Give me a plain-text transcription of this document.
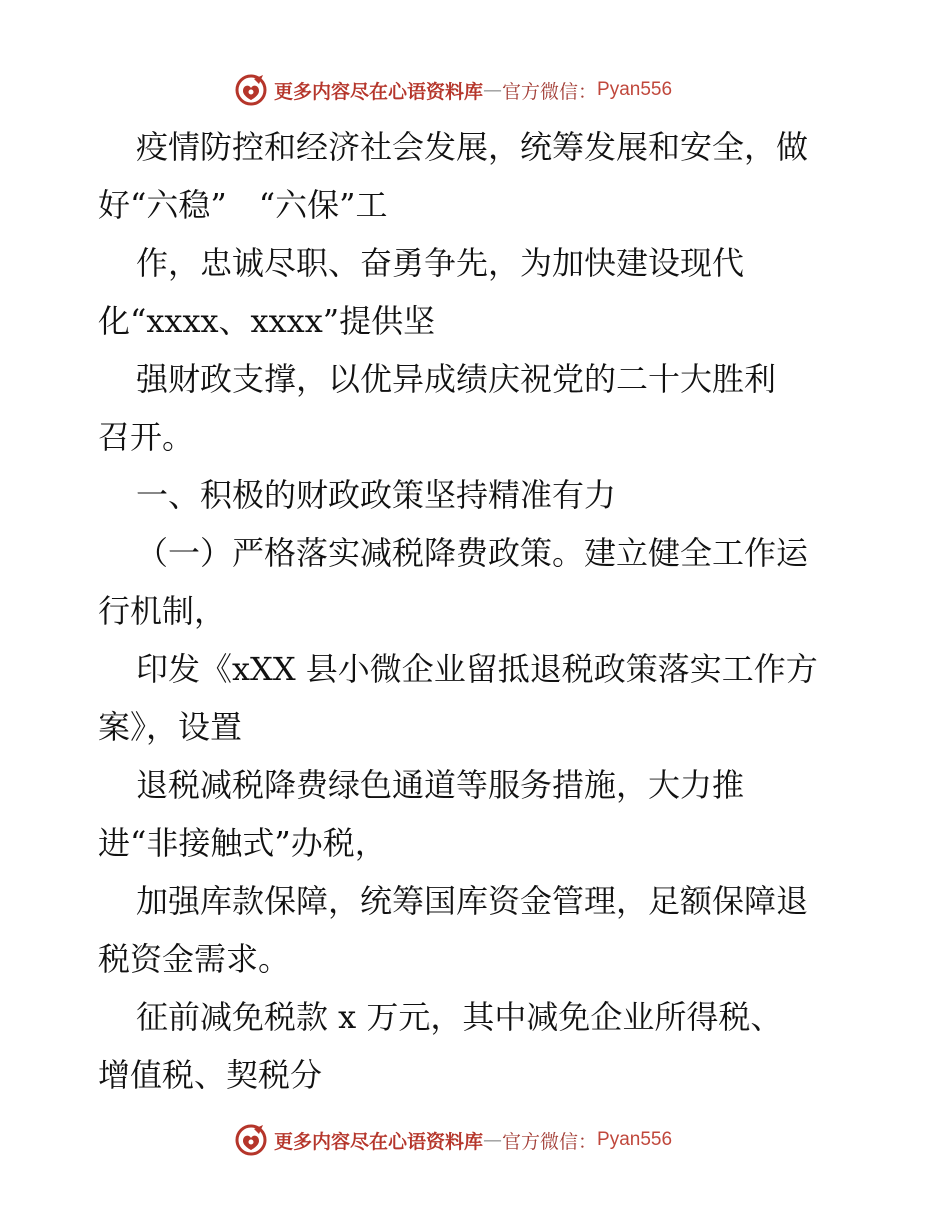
更多内容尽在心语资料库 — 官方微信： Pyan556
疫情防控和经济社会发展，统筹发展和安全，做
好“六稳”　“六保”工
作，忠诚尽职、奋勇争先，为加快建设现代
化“xxxx、xxxx”提供坚
强财政支撑，以优异成绩庆祝党的二十大胜利
召开。
一、积极的财政政策坚持精准有力
（一）严格落实减税降费政策。建立健全工作运
行机制，
印发《xXX 县小微企业留抵退税政策落实工作方
案》，设置
退税减税降费绿色通道等服务措施，大力推
进“非接触式”办税，
加强库款保障，统筹国库资金管理，足额保障退
税资金需求。
征前减免税款 x 万元，其中减免企业所得税、
增值税、契税分
更多内容尽在心语资料库 — 官方微信： Pyan556
